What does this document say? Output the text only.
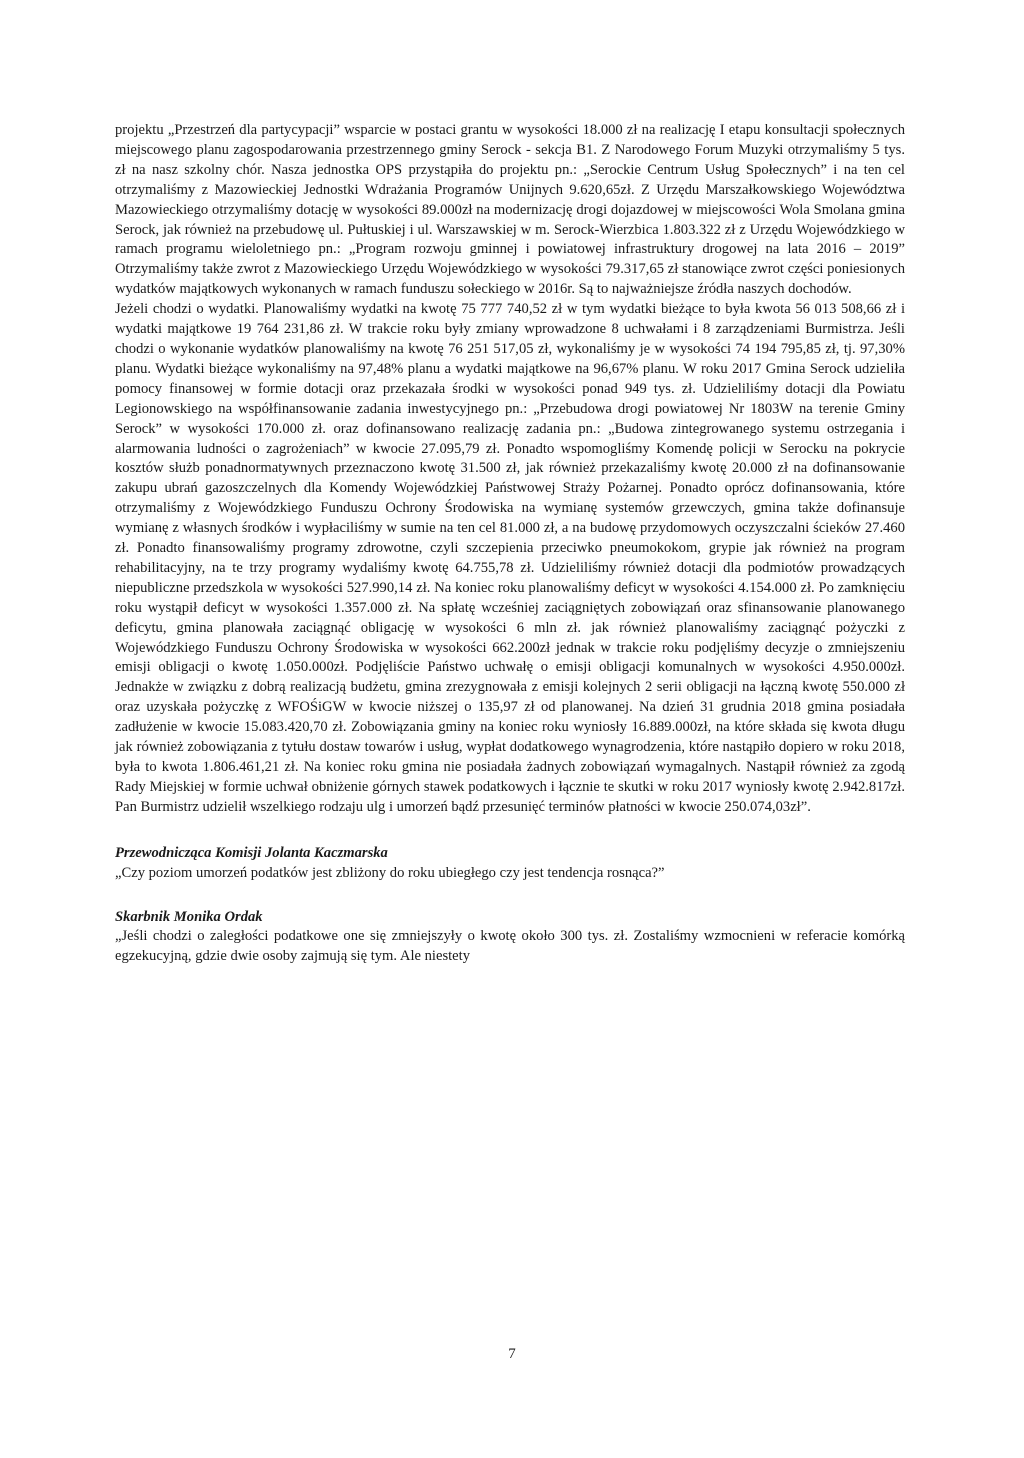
projektu „Przestrzeń dla partycypacji” wsparcie w postaci grantu w wysokości 18.000 zł na realizację I etapu konsultacji społecznych miejscowego planu zagospodarowania przestrzennego gminy Serock - sekcja B1. Z Narodowego Forum Muzyki otrzymaliśmy 5 tys. zł na nasz szkolny chór. Nasza jednostka OPS przystąpiła do projektu pn.: „Serockie Centrum Usług Społecznych” i na ten cel otrzymaliśmy z Mazowieckiej Jednostki Wdrażania Programów Unijnych 9.620,65zł. Z Urzędu Marszałkowskiego Województwa Mazowieckiego otrzymaliśmy dotację w wysokości 89.000zł na modernizację drogi dojazdowej w miejscowości Wola Smolana gmina Serock, jak również na przebudowę ul. Pułtuskiej i ul. Warszawskiej w m. Serock-Wierzbica 1.803.322 zł z Urzędu Wojewódzkiego w ramach programu wieloletniego pn.: „Program rozwoju gminnej i powiatowej infrastruktury drogowej na lata 2016 – 2019” Otrzymaliśmy także zwrot z Mazowieckiego Urzędu Wojewódzkiego w wysokości 79.317,65 zł stanowiące zwrot części poniesionych wydatków majątkowych wykonanych w ramach funduszu sołeckiego w 2016r. Są to najważniejsze źródła naszych dochodów.

Jeżeli chodzi o wydatki. Planowaliśmy wydatki na kwotę 75 777 740,52 zł w tym wydatki bieżące to była kwota 56 013 508,66 zł i wydatki majątkowe 19 764 231,86 zł. W trakcie roku były zmiany wprowadzone 8 uchwałami i 8 zarządzeniami Burmistrza. Jeśli chodzi o wykonanie wydatków planowaliśmy na kwotę 76 251 517,05 zł, wykonaliśmy je w wysokości 74 194 795,85 zł, tj. 97,30% planu. Wydatki bieżące wykonaliśmy na 97,48% planu a wydatki majątkowe na 96,67% planu. W roku 2017 Gmina Serock udzieliła pomocy finansowej w formie dotacji oraz przekazała środki w wysokości ponad 949 tys. zł. Udzieliliśmy dotacji dla Powiatu Legionowskiego na współfinansowanie zadania inwestycyjnego pn.: „Przebudowa drogi powiatowej Nr 1803W na terenie Gminy Serock” w wysokości 170.000 zł. oraz dofinansowano realizację zadania pn.: „Budowa zintegrowanego systemu ostrzegania i alarmowania ludności o zagrożeniach” w kwocie 27.095,79 zł. Ponadto wspomogliśmy Komendę policji w Serocku na pokrycie kosztów służb ponadnormatywnych przeznaczono kwotę 31.500 zł, jak również przekazaliśmy kwotę 20.000 zł na dofinansowanie zakupu ubrań gazoszczelnych dla Komendy Wojewódzkiej Państwowej Straży Pożarnej. Ponadto oprócz dofinansowania, które otrzymaliśmy z Wojewódzkiego Funduszu Ochrony Środowiska na wymianę systemów grzewczych, gmina także dofinansuje wymianę z własnych środków i wypłaciliśmy w sumie na ten cel 81.000 zł, a na budowę przydomowych oczyszczalni ścieków 27.460 zł. Ponadto finansowaliśmy programy zdrowotne, czyli szczepienia przeciwko pneumokokom, grypie jak również na program rehabilitacyjny, na te trzy programy wydaliśmy kwotę 64.755,78 zł. Udzieliliśmy również dotacji dla podmiotów prowadzących niepubliczne przedszkola w wysokości 527.990,14 zł. Na koniec roku planowaliśmy deficyt w wysokości 4.154.000 zł. Po zamknięciu roku wystąpił deficyt w wysokości 1.357.000 zł. Na spłatę wcześniej zaciągniętych zobowiązań oraz sfinansowanie planowanego deficytu, gmina planowała zaciągnąć obligację w wysokości 6 mln zł. jak również planowaliśmy zaciągnąć pożyczki z Wojewódzkiego Funduszu Ochrony Środowiska w wysokości 662.200zł jednak w trakcie roku podjęliśmy decyzje o zmniejszeniu emisji obligacji o kwotę 1.050.000zł. Podjęliście Państwo uchwałę o emisji obligacji komunalnych w wysokości 4.950.000zł. Jednakże w związku z dobrą realizacją budżetu, gmina zrezygnowała z emisji kolejnych 2 serii obligacji na łączną kwotę 550.000 zł oraz uzyskała pożyczkę z WFOŚiGW w kwocie niższej o 135,97 zł od planowanej. Na dzień 31 grudnia 2018 gmina posiadała zadłużenie w kwocie 15.083.420,70 zł. Zobowiązania gminy na koniec roku wyniosły 16.889.000zł, na które składa się kwota długu jak również zobowiązania z tytułu dostaw towarów i usług, wypłat dodatkowego wynagrodzenia, które nastąpiło dopiero w roku 2018, była to kwota 1.806.461,21 zł. Na koniec roku gmina nie posiadała żadnych zobowiązań wymagalnych. Nastąpił również za zgodą Rady Miejskiej w formie uchwał obniżenie górnych stawek podatkowych i łącznie te skutki w roku 2017 wyniosły kwotę 2.942.817zł. Pan Burmistrz udzielił wszelkiego rodzaju ulg i umorzeń bądź przesunięć terminów płatności w kwocie 250.074,03zł”.

Przewodnicząca Komisji Jolanta Kaczmarska

„Czy poziom umorzeń podatków jest zbliżony do roku ubiegłego czy jest tendencja rosnąca?”

Skarbnik Monika Ordak

„Jeśli chodzi o zaległości podatkowe one się zmniejszyły o kwotę około 300 tys. zł. Zostaliśmy wzmocnieni w referacie komórką egzekucyjną, gdzie dwie osoby zajmują się tym. Ale niestety

7
